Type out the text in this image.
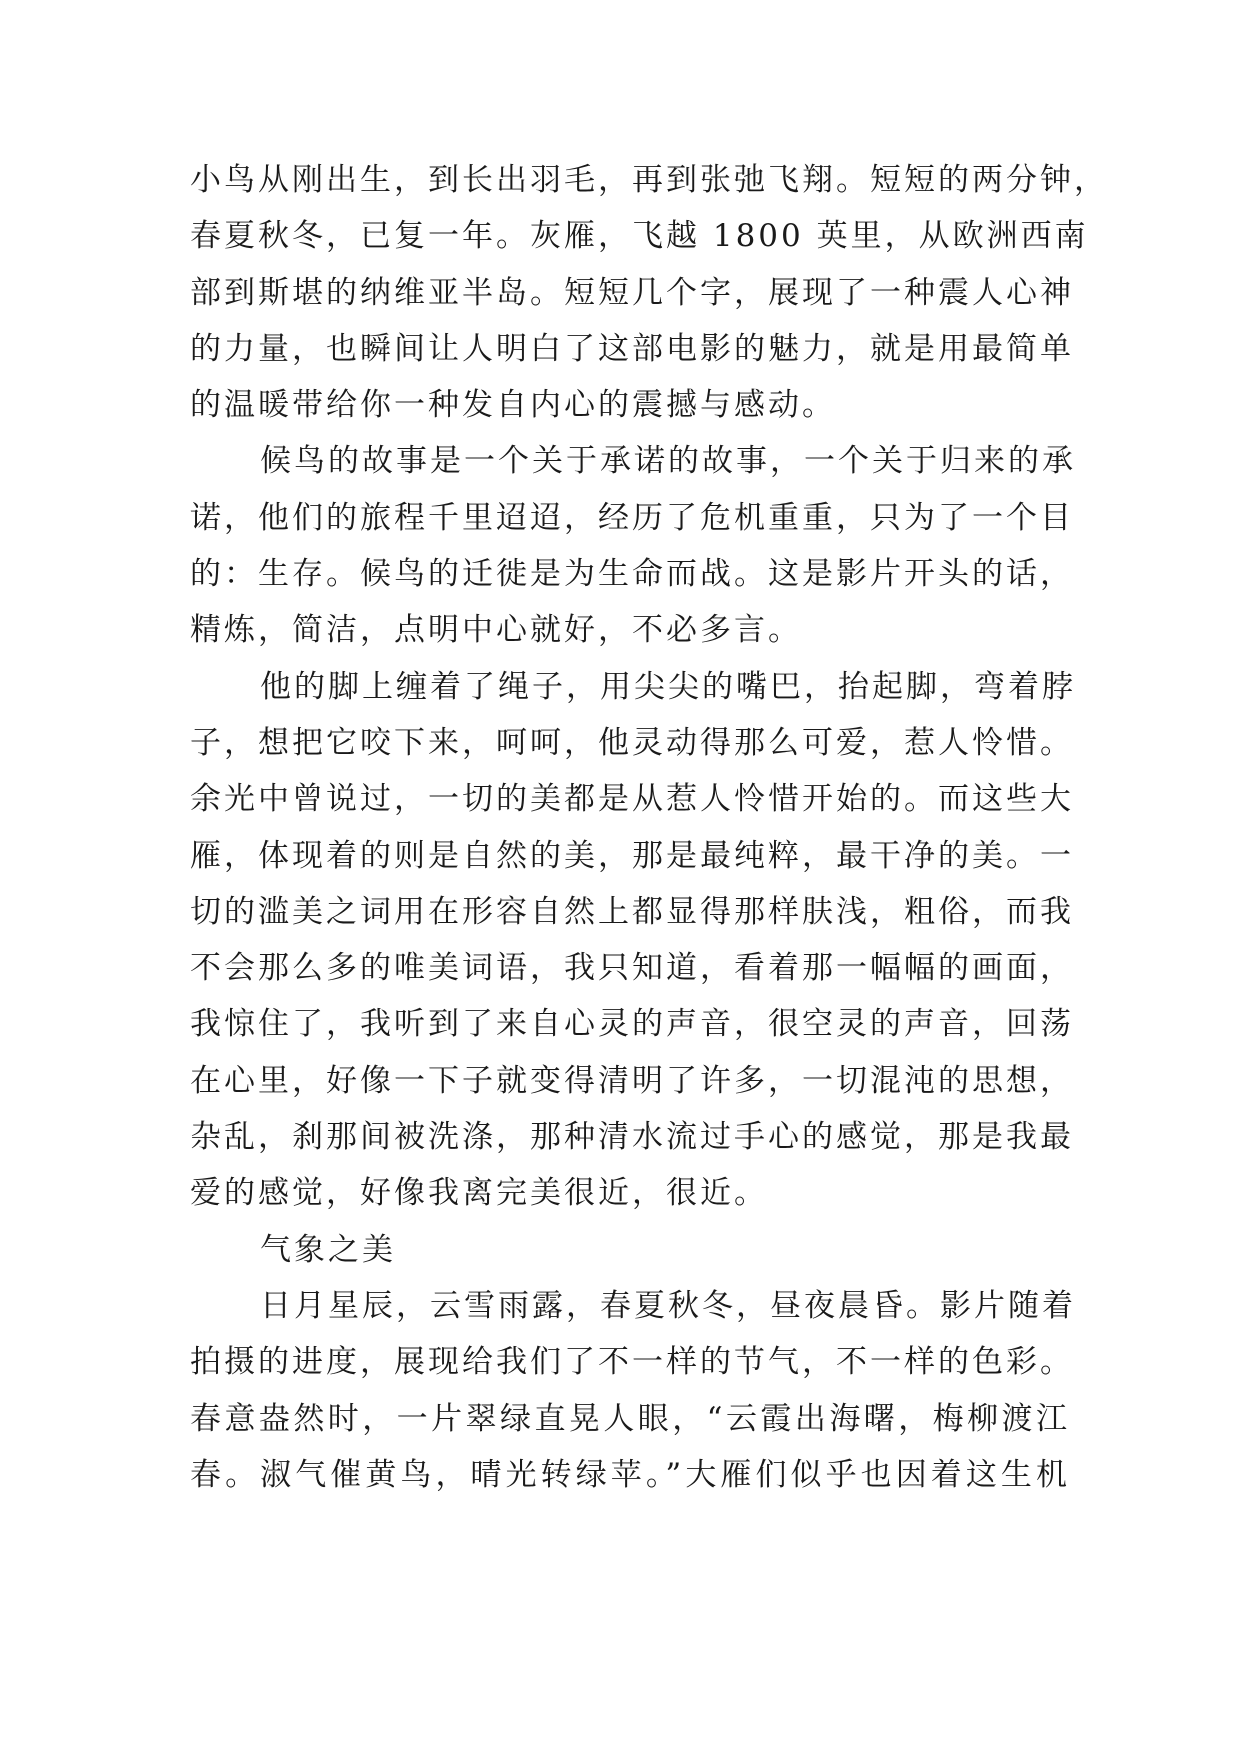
小鸟从刚出生，到长出羽毛，再到张弛飞翔。短短的两分钟，
春夏秋冬，已复一年。灰雁，飞越 1800 英里，从欧洲西南
部到斯堪的纳维亚半岛。短短几个字，展现了一种震人心神
的力量，也瞬间让人明白了这部电影的魅力，就是用最简单
的温暖带给你一种发自内心的震撼与感动。
候鸟的故事是一个关于承诺的故事，一个关于归来的承
诺，他们的旅程千里迢迢，经历了危机重重，只为了一个目
的：生存。候鸟的迁徙是为生命而战。这是影片开头的话，
精炼，简洁，点明中心就好，不必多言。
他的脚上缠着了绳子，用尖尖的嘴巴，抬起脚，弯着脖
子，想把它咬下来，呵呵，他灵动得那么可爱，惹人怜惜。
余光中曾说过，一切的美都是从惹人怜惜开始的。而这些大
雁，体现着的则是自然的美，那是最纯粹，最干净的美。一
切的滥美之词用在形容自然上都显得那样肤浅，粗俗，而我
不会那么多的唯美词语，我只知道，看着那一幅幅的画面，
我惊住了，我听到了来自心灵的声音，很空灵的声音，回荡
在心里，好像一下子就变得清明了许多，一切混沌的思想，
杂乱，刹那间被洗涤，那种清水流过手心的感觉，那是我最
爱的感觉，好像我离完美很近，很近。
气象之美
日月星辰，云雪雨露，春夏秋冬，昼夜晨昏。影片随着
拍摄的进度，展现给我们了不一样的节气，不一样的色彩。
春意盎然时，一片翠绿直晃人眼，“云霞出海曙，梅柳渡江
春。淑气催黄鸟，晴光转绿苹。”大雁们似乎也因着这生机
